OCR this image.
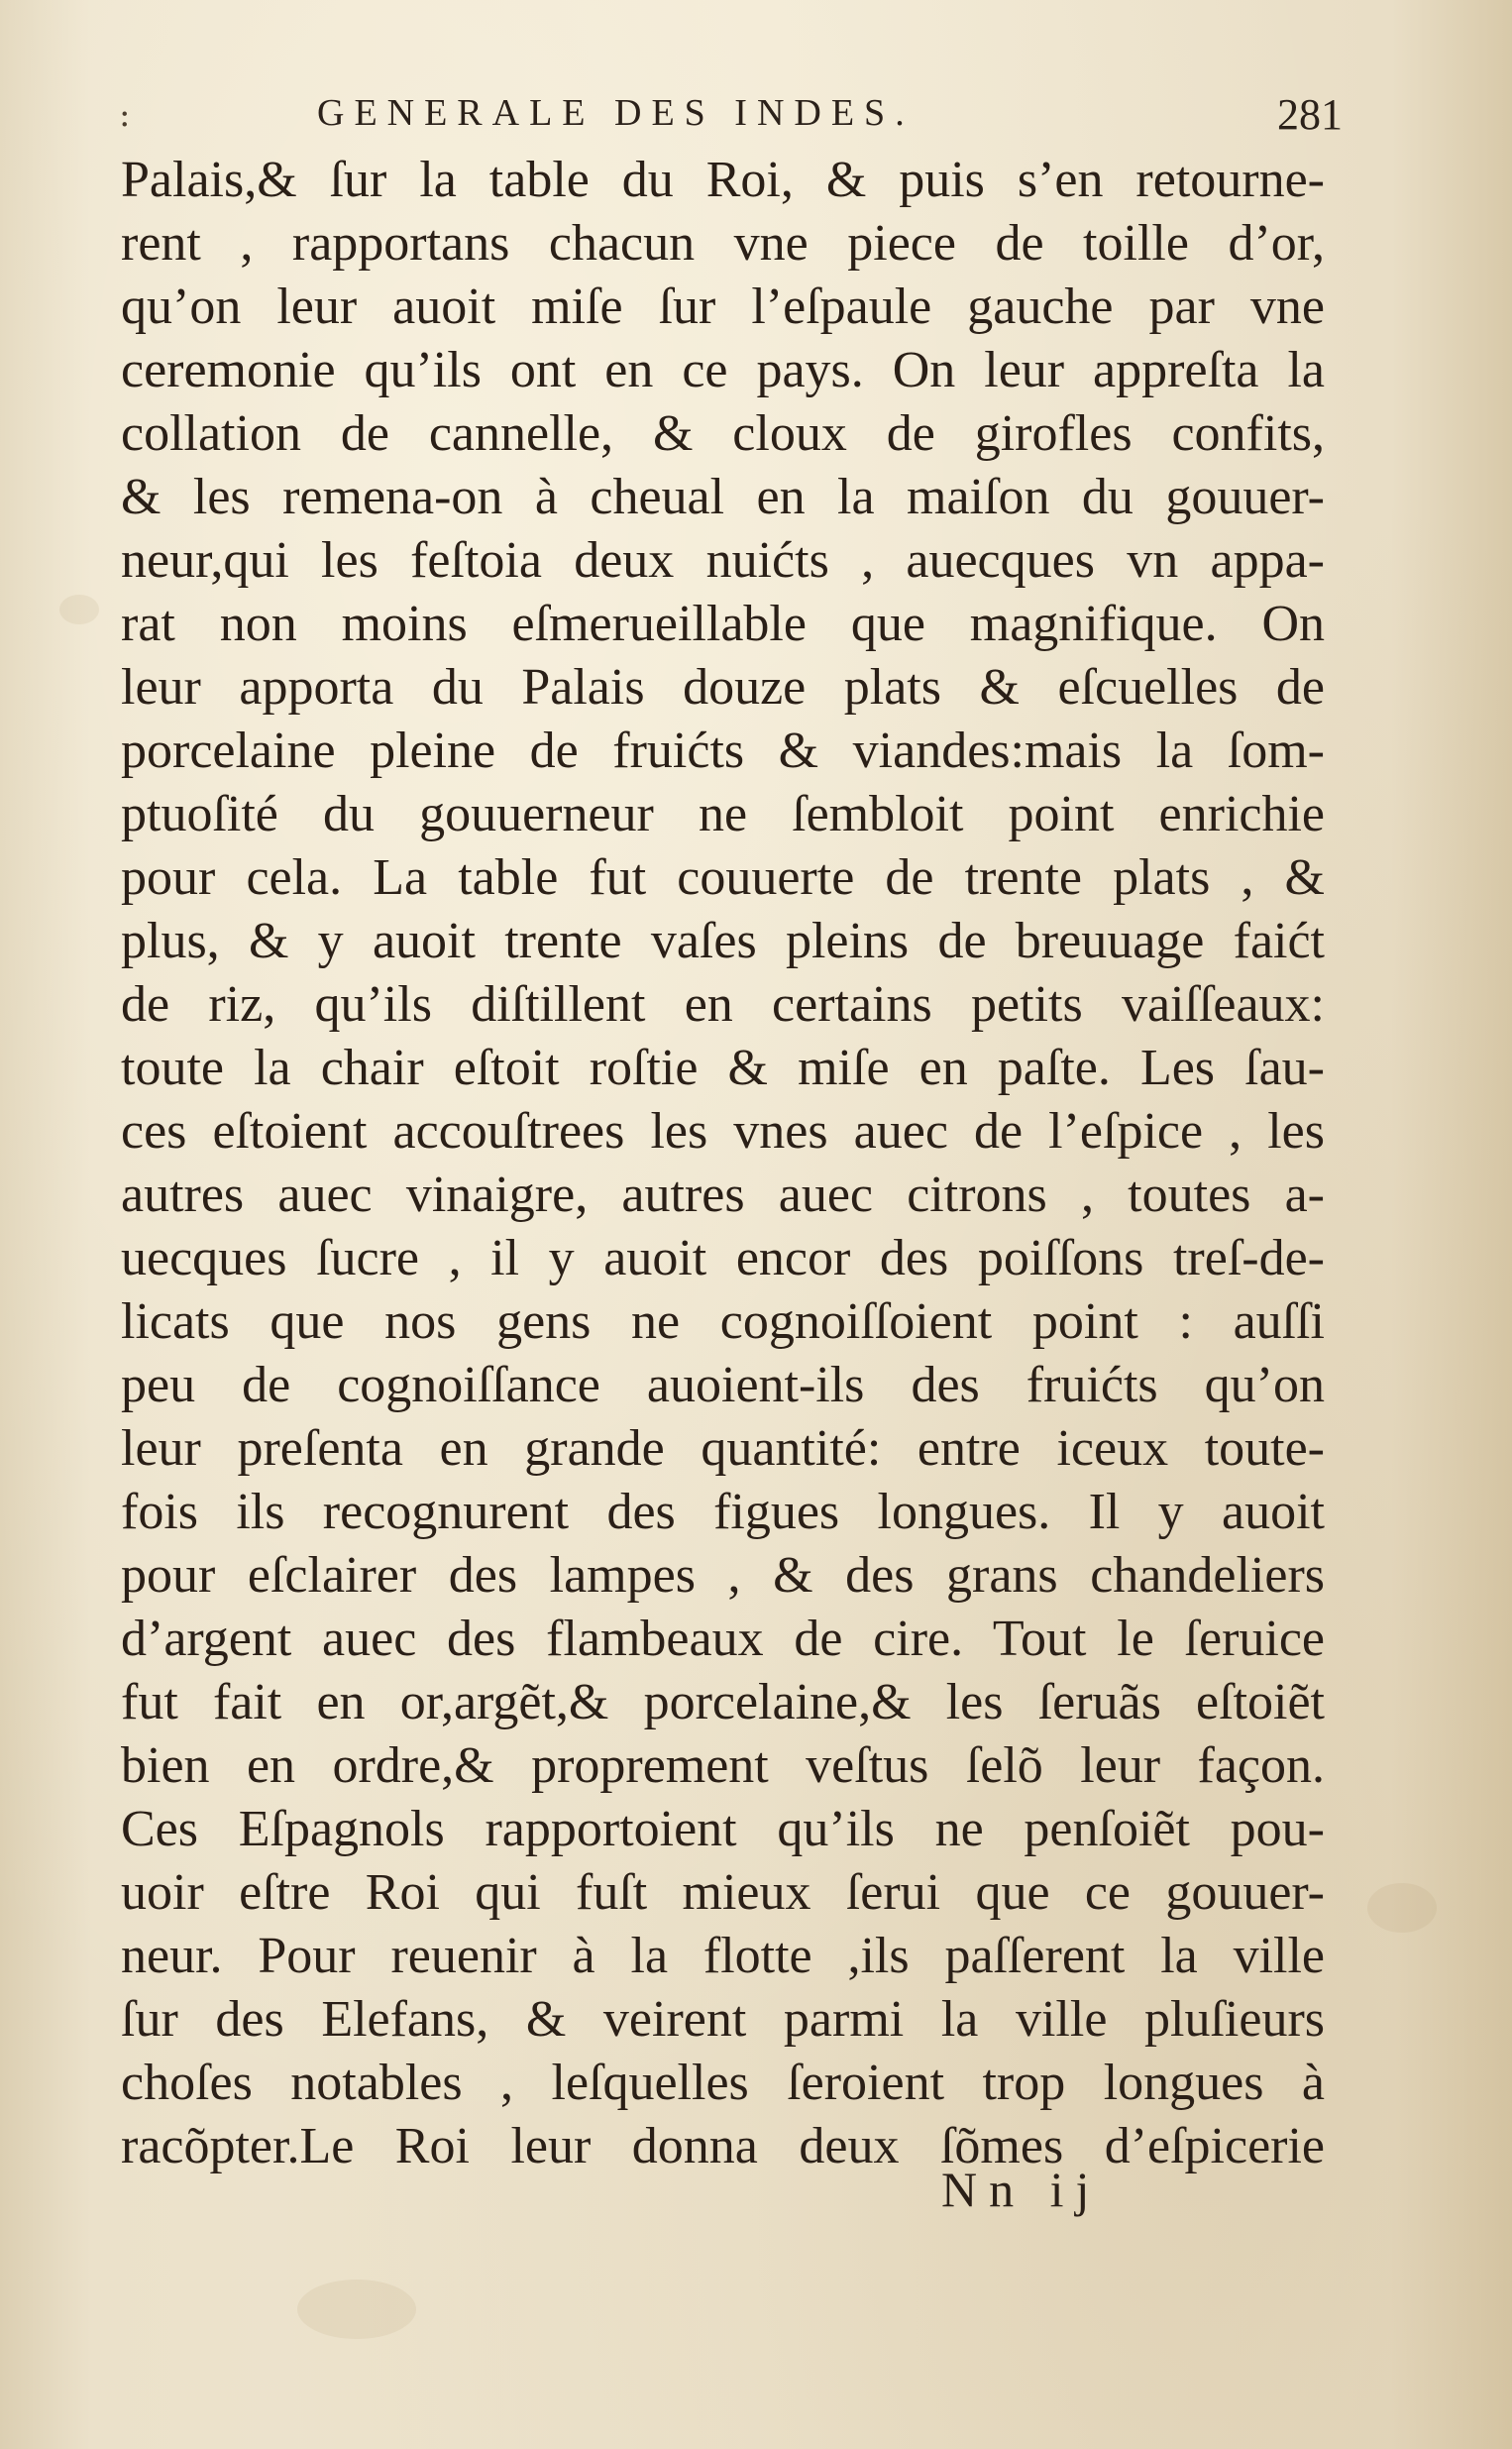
:	GENERALE DES INDES.	281
Palais,& ſur la table du Roi, & puis s’en retourne-
rent , rapportans chacun vne piece de toille d’or,
qu’on leur auoit miſe ſur l’eſpaule gauche par vne
ceremonie qu’ils ont en ce pays. On leur appreſta la
collation de cannelle, & cloux de girofles confits,
& les remena-on à cheual en la maiſon du gouuer-
neur,qui les feſtoia deux nuićts , auecques vn appa-
rat non moins eſmerueillable que magnifique. On
leur apporta du Palais douze plats & eſcuelles de
porcelaine pleine de fruićts & viandes:mais la ſom-
ptuoſité du gouuerneur ne ſembloit point enrichie
pour cela. La table fut couuerte de trente plats , &
plus, & y auoit trente vaſes pleins de breuuage faićt
de riz, qu’ils diſtillent en certains petits vaiſſeaux:
toute la chair eſtoit roſtie & miſe en paſte. Les ſau-
ces eſtoient accouſtrees les vnes auec de l’eſpice , les
autres auec vinaigre, autres auec citrons , toutes a-
uecques ſucre , il y auoit encor des poiſſons treſ-de-
licats que nos gens ne cognoiſſoient point : auſſi
peu de cognoiſſance auoient-ils des fruićts qu’on
leur preſenta en grande quantité: entre iceux toute-
fois ils recognurent des figues longues. Il y auoit
pour eſclairer des lampes , & des grans chandeliers
d’argent auec des flambeaux de cire. Tout le ſeruice
fut fait en or,argẽt,& porcelaine,& les ſeruãs eſtoiẽt
bien en ordre,& proprement veſtus ſelõ leur façon.
Ces Eſpagnols rapportoient qu’ils ne penſoiẽt pou-
uoir eſtre Roi qui fuſt mieux ſerui que ce gouuer-
neur. Pour reuenir à la flotte ,ils paſſerent la ville
ſur des Elefans, & veirent parmi la ville pluſieurs
choſes notables , leſquelles ſeroient trop longues à
racõpter.Le Roi leur donna deux ſõmes d’eſpicerie
Nn ij
